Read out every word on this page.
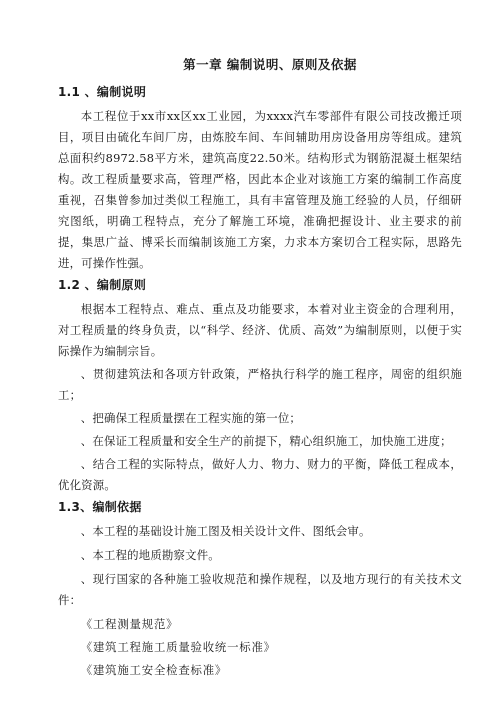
第一章 编制说明、原则及依据
1.1 、编制说明

本工程位于xx市xx区xx工业园，为xxxx汽车零部件有限公司技改搬迁项目，项目由硫化车间厂房，由炼胶车间、车间辅助用房设备用房等组成。建筑总面积约8972.58平方米，建筑高度22.50米。结构形式为钢筋混凝土框架结构。改工程质量要求高，管理严格，因此本企业对该施工方案的编制工作高度重视，召集曾参加过类似工程施工，具有丰富管理及施工经验的人员，仔细研究图纸，明确工程特点，充分了解施工环境，准确把握设计、业主要求的前提，集思广益、博采长而编制该施工方案，力求本方案切合工程实际，思路先进，可操作性强。

1.2 、编制原则

根据本工程特点、难点、重点及功能要求，本着对业主资金的合理利用，对工程质量的终身负责，以“科学、经济、优质、高效”为编制原则，以便于实际操作为编制宗旨。

、贯彻建筑法和各项方针政策，严格执行科学的施工程序，周密的组织施工；

、把确保工程质量摆在工程实施的第一位；

、在保证工程质量和安全生产的前提下，精心组织施工，加快施工进度；

、结合工程的实际特点，做好人力、物力、财力的平衡，降低工程成本，优化资源。

1.3、编制依据

、本工程的基础设计施工图及相关设计文件、图纸会审。

、本工程的地质勘察文件。

、现行国家的各种施工验收规范和操作规程，以及地方现行的有关技术文件：

《工程测量规范》
《建筑工程施工质量验收统一标准》
《建筑施工安全检查标准》
